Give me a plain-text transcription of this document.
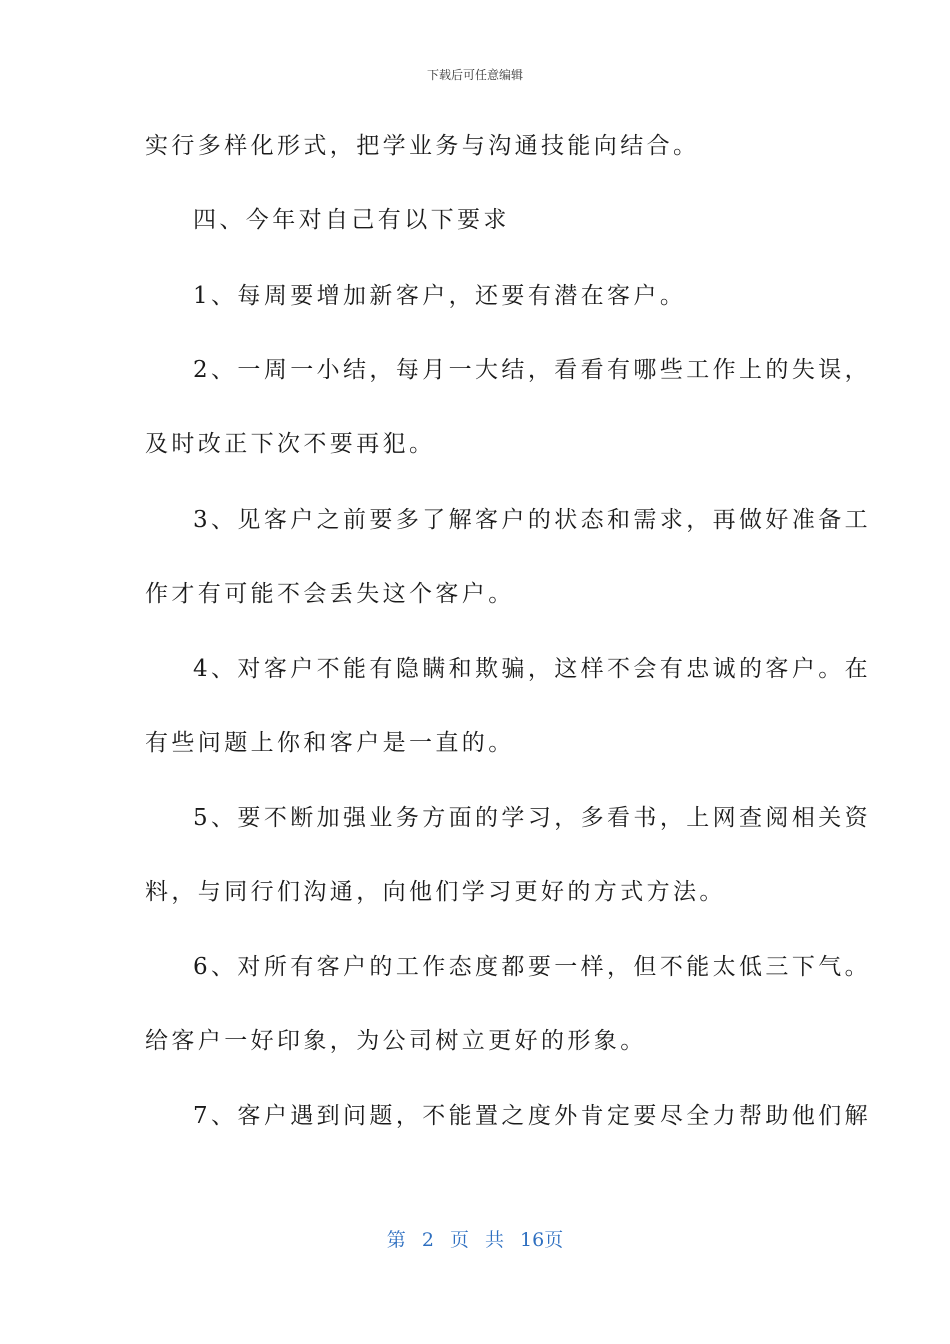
下载后可任意编辑
实行多样化形式，把学业务与沟通技能向结合。
四、今年对自己有以下要求
1、每周要增加新客户，还要有潜在客户。
2、一周一小结，每月一大结，看看有哪些工作上的失误，
及时改正下次不要再犯。
3、见客户之前要多了解客户的状态和需求，再做好准备工
作才有可能不会丢失这个客户。
4、对客户不能有隐瞒和欺骗，这样不会有忠诚的客户。在
有些问题上你和客户是一直的。
5、要不断加强业务方面的学习，多看书，上网查阅相关资
料，与同行们沟通，向他们学习更好的方式方法。
6、对所有客户的工作态度都要一样，但不能太低三下气。
给客户一好印象，为公司树立更好的形象。
7、客户遇到问题，不能置之度外肯定要尽全力帮助他们解
第 2 页 共 16页
